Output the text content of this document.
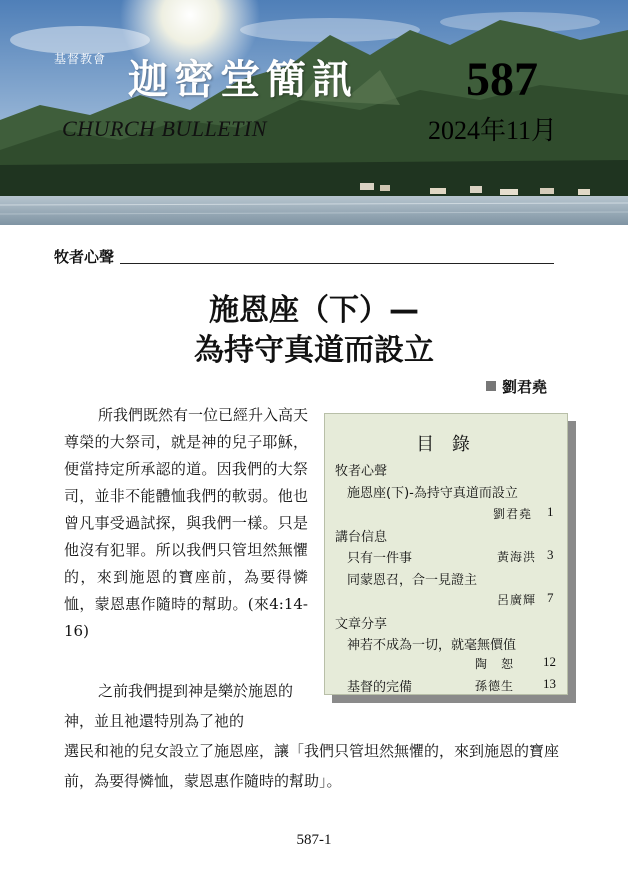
基督教會 迦密堂簡訊
CHURCH BULLETIN
587
2024年11月
牧者心聲
施恩座（下）—
為持守真道而設立
劉君堯
所我們既然有一位已經升入高天尊榮的大祭司，就是神的兒子耶穌，便當持定所承認的道。因我們的大祭司，並非不能體恤我們的軟弱。他也曾凡事受過試探，與我們一樣。只是他沒有犯罪。所以我們只管坦然無懼的，來到施恩的寶座前，為要得憐恤，蒙恩惠作隨時的幫助。(來4:14-16)
之前我們提到神是樂於施恩的神，並且祂還特別為了祂的
選民和祂的兒女設立了施恩座，讓「我們只管坦然無懼的，來到施恩的寶座前，為要得憐恤，蒙恩惠作隨時的幫助」。
目 錄
牧者心聲
施恩座(下)-為持守真道而設立
劉君堯 1
講台信息
只有一件事	黃海洪 3
同蒙恩召，合一見證主
呂廣輝 7
文章分享
神若不成為一切，就毫無價值
陶　恕 12
基督的完備	孫德生 13
587-1
